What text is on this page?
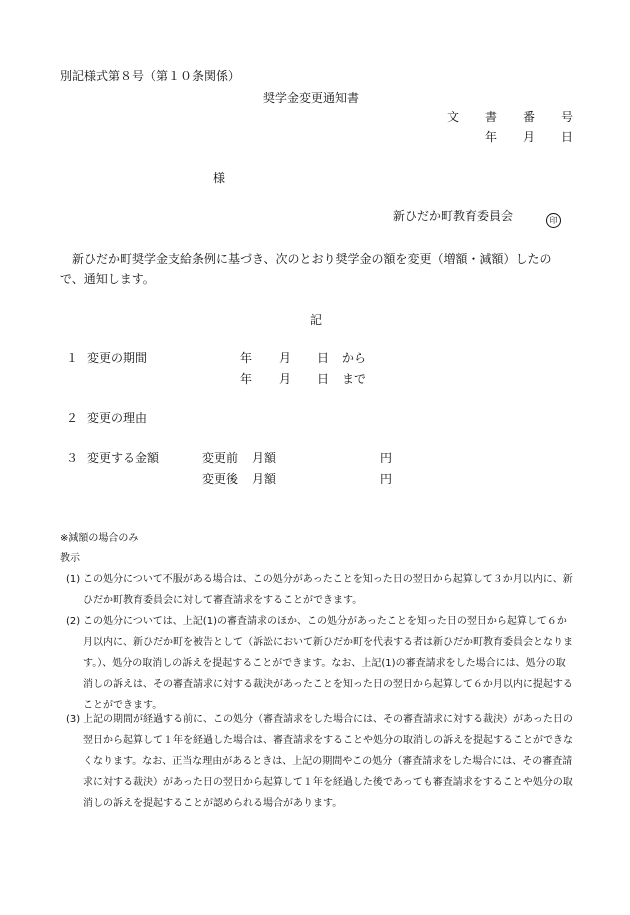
別記様式第８号（第１０条関係）
奨学金変更通知書
文 書 番 号
年 月 日
様
新ひだか町教育委員会	印
新ひだか町奨学金支給条例に基づき、次のとおり奨学金の額を変更（増額・減額）したので、通知します。
記
１ 変更の期間	年 月 日 から
年 月 日 まで
２ 変更の理由
３ 変更する金額	変更前 月額	円
変更後 月額	円
※減額の場合のみ
教示
(1) この処分について不服がある場合は、この処分があったことを知った日の翌日から起算して３か月以内に、新ひだか町教育委員会に対して審査請求をすることができます。
(2) この処分については、上記(1)の審査請求のほか、この処分があったことを知った日の翌日から起算して６か月以内に、新ひだか町を被告として（訴訟において新ひだか町を代表する者は新ひだか町教育委員会となります。）、処分の取消しの訴えを提起することができます。なお、上記(1)の審査請求をした場合には、処分の取消しの訴えは、その審査請求に対する裁決があったことを知った日の翌日から起算して６か月以内に提起することができます。
(3) 上記の期間が経過する前に、この処分（審査請求をした場合には、その審査請求に対する裁決）があった日の翌日から起算して１年を経過した場合は、審査請求をすることや処分の取消しの訴えを提起することができなくなります。なお、正当な理由があるときは、上記の期間やこの処分（審査請求をした場合には、その審査請求に対する裁決）があった日の翌日から起算して１年を経過した後であっても審査請求をすることや処分の取消しの訴えを提起することが認められる場合があります。
